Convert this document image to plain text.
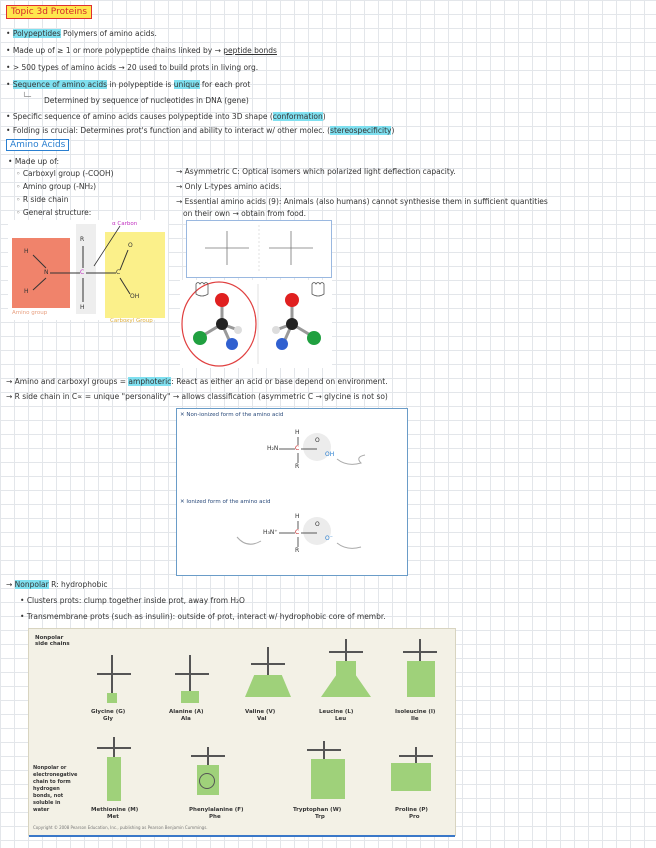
Topic 3d Proteins
• Polypeptides Polymers of amino acids.
• Made up of ≥ 1 or more polypeptide chains linked by → peptide bonds
• > 500 types of amino acids → 20 used to build prots in living org.
• Sequence of amino acids in polypeptide is unique for each prot
└─ Determined by sequence of nucleotides in DNA (gene)
• Specific sequence of amino acids causes polypeptide into 3D shape (conformation)
• Folding is crucial: Determines prot's function and ability to interact w/ other molec. (stereospecificity)
Amino Acids
• Made up of:
◦ Carboxyl group (-COOH)
◦ Amino group (-NH₂)
◦ R side chain
◦ General structure:
→ Asymmetric C: Optical isomers which polarized light deflection capacity.
→ Only L-types amino acids.
→ Essential amino acids (9): Animals (also humans) cannot synthesise them in sufficient quantities
on their own → obtain from food.
α Carbon
R
N	C	C
O
OH
H
H
H
Amino group
Carboxyl Group
→ Amino and carboxyl groups = amphoteric: React as either an acid or base depend on environment.
→ R side chain in C∝ = unique "personality" → allows classification (asymmetric C → glycine is not so)
✕ Non-ionized form of the amino acid
✕ Ionized form of the amino acid
H₂N
H
C
R
O
OH
H₃N⁺
H
C
R
O
O⁻
→ Nonpolar R: hydrophobic
• Clusters prots: clump together inside prot, away from H₂O
• Transmembrane prots (such as insulin): outside of prot, interact w/ hydrophobic core of membr.
Nonpolar side chains
Nonpolar or electronegative chain to form hydrogen bonds, not soluble in water
Glycine (G)
Gly
Alanine (A)
Ala
Valine (V)
Val
Leucine (L)
Leu
Isoleucine (I)
Ile
Methionine (M)
Met
Phenylalanine (F)
Phe
Tryptophan (W)
Trp
Proline (P)
Pro
Copyright © 2008 Pearson Education, Inc., publishing as Pearson Benjamin Cummings.
